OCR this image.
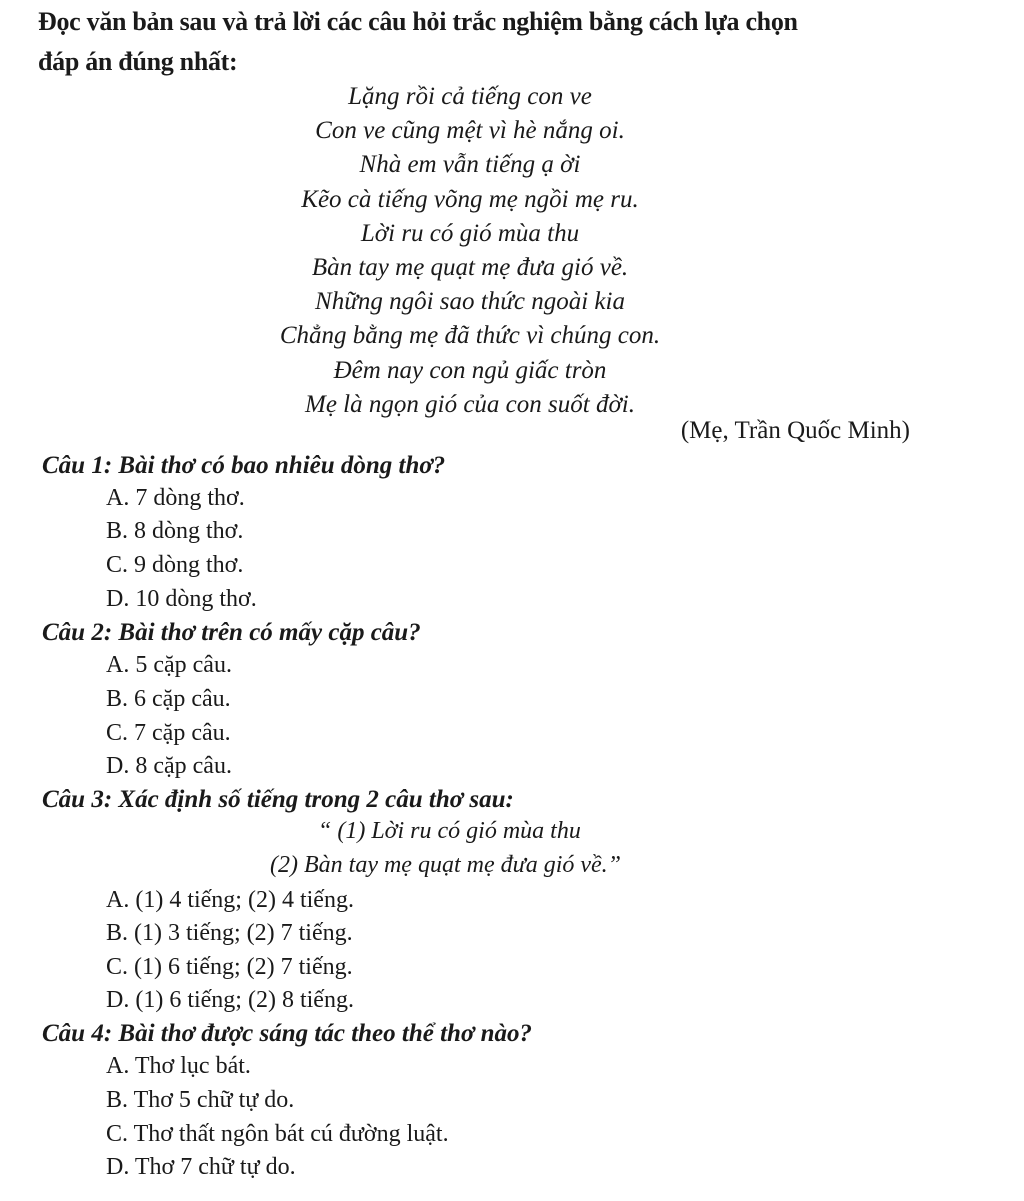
Đọc văn bản sau và trả lời các câu hỏi trắc nghiệm bằng cách lựa chọn
đáp án đúng nhất:
Lặng rồi cả tiếng con ve
Con ve cũng mệt vì hè nắng oi.
Nhà em vẫn tiếng ạ ời
Kẽo cà tiếng võng mẹ ngồi mẹ ru.
Lời ru có gió mùa thu
Bàn tay mẹ quạt mẹ đưa gió về.
Những ngôi sao thức ngoài kia
Chẳng bằng mẹ đã thức vì chúng con.
Đêm nay con ngủ giấc tròn
Mẹ là ngọn gió của con suốt đời.
(Mẹ, Trần Quốc Minh)
Câu 1: Bài thơ có bao nhiêu dòng thơ?
A. 7 dòng thơ.
B. 8 dòng thơ.
C. 9 dòng thơ.
D. 10 dòng thơ.
Câu 2: Bài thơ trên có mấy cặp câu?
A. 5 cặp câu.
B. 6 cặp câu.
C. 7 cặp câu.
D. 8 cặp câu.
Câu 3: Xác định số tiếng trong 2 câu thơ sau:
“ (1) Lời ru có gió mùa thu
(2) Bàn tay mẹ quạt mẹ đưa gió về.”
A. (1) 4 tiếng; (2) 4 tiếng.
B. (1) 3 tiếng; (2) 7 tiếng.
C. (1) 6 tiếng; (2) 7 tiếng.
D. (1) 6 tiếng; (2) 8 tiếng.
Câu 4: Bài thơ được sáng tác theo thể thơ nào?
A. Thơ lục bát.
B. Thơ 5 chữ tự do.
C. Thơ thất ngôn bát cú đường luật.
D. Thơ 7 chữ tự do.
